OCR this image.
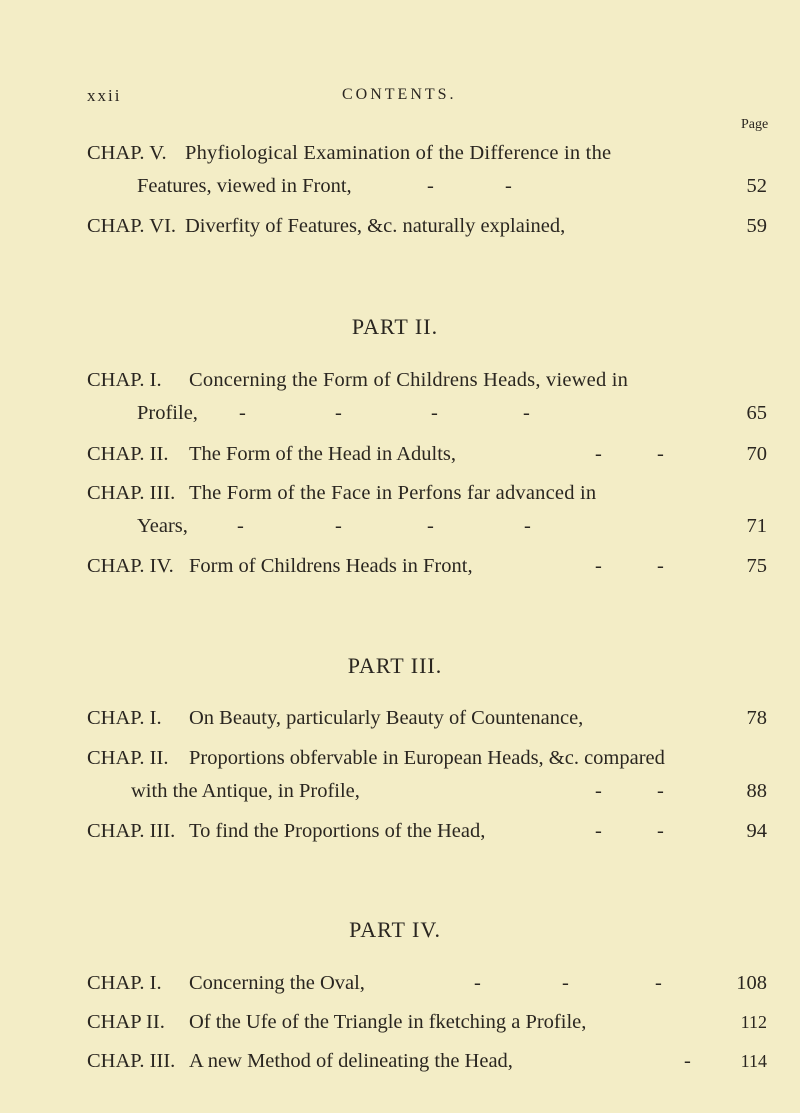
xxii	CONTENTS.
Page
CHAP. V. Phyfiological Examination of the Difference in the
Features, viewed in Front,	-	-	52
CHAP. VI. Diverfity of Features, &c. naturally explained,	59
PART II.
CHAP. I. Concerning the Form of Childrens Heads, viewed in
Profile, -	-	-	-	65
CHAP. II. The Form of the Head in Adults,	-	-	70
CHAP. III. The Form of the Face in Perfons far advanced in
Years, -	-	-	-	71
CHAP. IV. Form of Childrens Heads in Front,	-	-	75
PART III.
CHAP. I. On Beauty, particularly Beauty of Countenance,	78
CHAP. II. Proportions obfervable in European Heads, &c. compared
with the Antique, in Profile,	-	-	88
CHAP. III. To find the Proportions of the Head,	-	-	94
PART IV.
CHAP. I. Concerning the Oval,	-	-	-	108
CHAP II. Of the Ufe of the Triangle in fketching a Profile,	112
CHAP. III. A new Method of delineating the Head,	-	114
